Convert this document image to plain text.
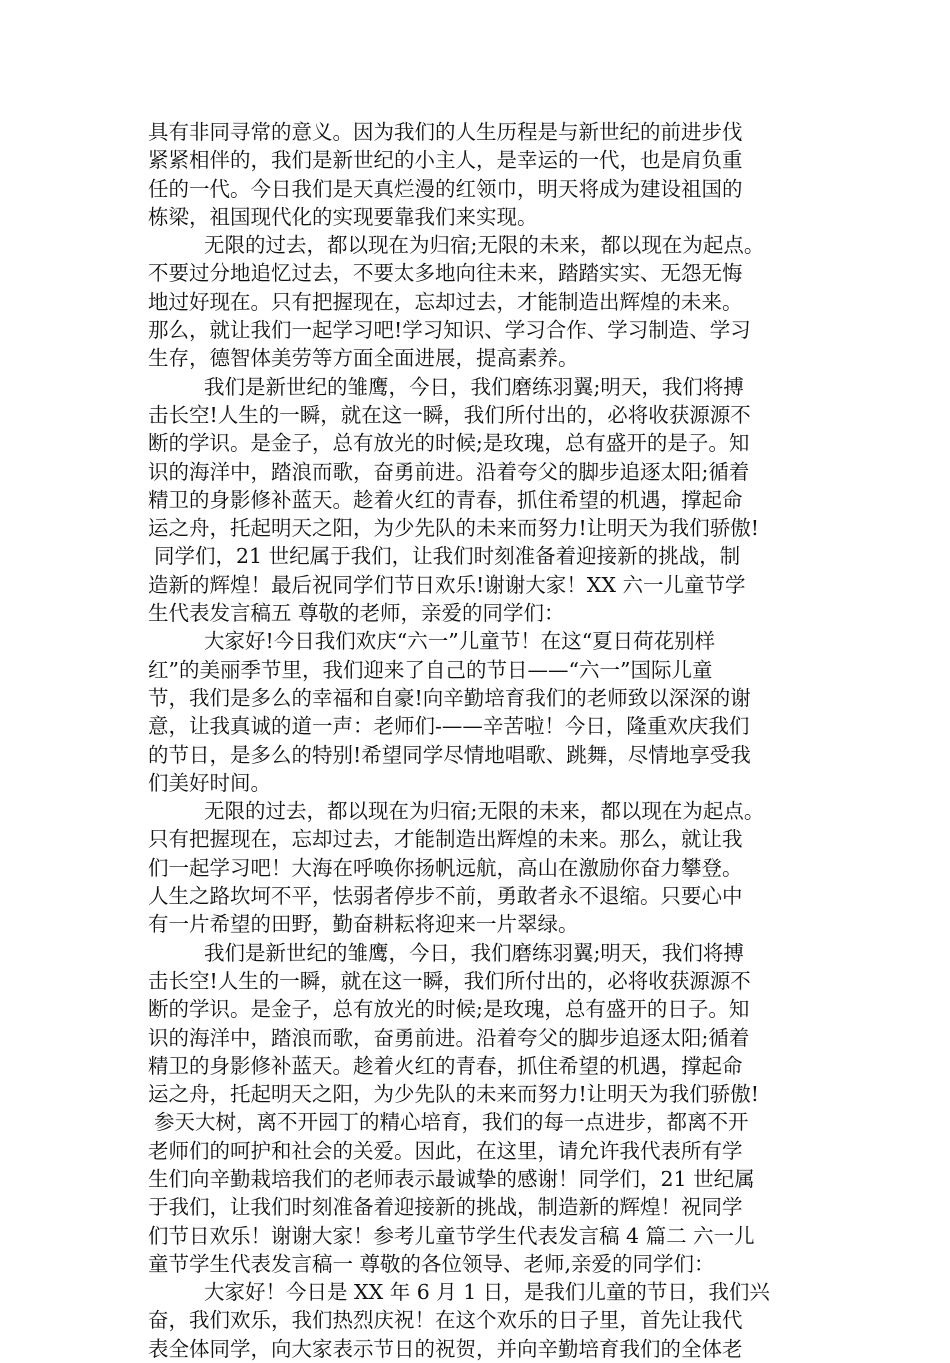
具有非同寻常的意义。因为我们的人生历程是与新世纪的前进步伐
紧紧相伴的，我们是新世纪的小主人，是幸运的一代，也是肩负重
任的一代。今日我们是天真烂漫的红领巾，明天将成为建设祖国的
栋梁，祖国现代化的实现要靠我们来实现。
无限的过去，都以现在为归宿;无限的未来，都以现在为起点。
不要过分地追忆过去，不要太多地向往未来，踏踏实实、无怨无悔
地过好现在。只有把握现在，忘却过去，才能制造出辉煌的未来。
那么，就让我们一起学习吧!学习知识、学习合作、学习制造、学习
生存，德智体美劳等方面全面进展，提高素养。
我们是新世纪的雏鹰，今日，我们磨练羽翼;明天，我们将搏
击长空!人生的一瞬，就在这一瞬，我们所付出的，必将收获源源不
断的学识。是金子，总有放光的时候;是玫瑰，总有盛开的是子。知
识的海洋中，踏浪而歌，奋勇前进。沿着夸父的脚步追逐太阳;循着
精卫的身影修补蓝天。趁着火红的青春，抓住希望的机遇，撑起命
运之舟，托起明天之阳，为少先队的未来而努力!让明天为我们骄傲!
同学们，21 世纪属于我们，让我们时刻准备着迎接新的挑战，制
造新的辉煌！最后祝同学们节日欢乐!谢谢大家！XX 六一儿童节学
生代表发言稿五 尊敬的老师，亲爱的同学们：
大家好!今日我们欢庆“六一”儿童节！在这“夏日荷花别样
红”的美丽季节里，我们迎来了自己的节日——“六一”国际儿童
节，我们是多么的幸福和自豪!向辛勤培育我们的老师致以深深的谢
意，让我真诚的道一声：老师们-——辛苦啦！今日，隆重欢庆我们
的节日，是多么的特别!希望同学尽情地唱歌、跳舞，尽情地享受我
们美好时间。
无限的过去，都以现在为归宿;无限的未来，都以现在为起点。
只有把握现在，忘却过去，才能制造出辉煌的未来。那么，就让我
们一起学习吧！大海在呼唤你扬帆远航，高山在激励你奋力攀登。
人生之路坎坷不平，怯弱者停步不前，勇敢者永不退缩。只要心中
有一片希望的田野，勤奋耕耘将迎来一片翠绿。
我们是新世纪的雏鹰，今日，我们磨练羽翼;明天，我们将搏
击长空!人生的一瞬，就在这一瞬，我们所付出的，必将收获源源不
断的学识。是金子，总有放光的时候;是玫瑰，总有盛开的日子。知
识的海洋中，踏浪而歌，奋勇前进。沿着夸父的脚步追逐太阳;循着
精卫的身影修补蓝天。趁着火红的青春，抓住希望的机遇，撑起命
运之舟，托起明天之阳，为少先队的未来而努力!让明天为我们骄傲!
参天大树，离不开园丁的精心培育，我们的每一点进步，都离不开
老师们的呵护和社会的关爱。因此，在这里，请允许我代表所有学
生们向辛勤栽培我们的老师表示最诚挚的感谢！同学们，21 世纪属
于我们，让我们时刻准备着迎接新的挑战，制造新的辉煌！祝同学
们节日欢乐！谢谢大家！参考儿童节学生代表发言稿 4 篇二 六一儿
童节学生代表发言稿一 尊敬的各位领导、老师,亲爱的同学们：
大家好！今日是 XX 年 6 月 1 日，是我们儿童的节日，我们兴
奋，我们欢乐，我们热烈庆祝！在这个欢乐的日子里，首先让我代
表全体同学，向大家表示节日的祝贺，并向辛勤培育我们的全体老
